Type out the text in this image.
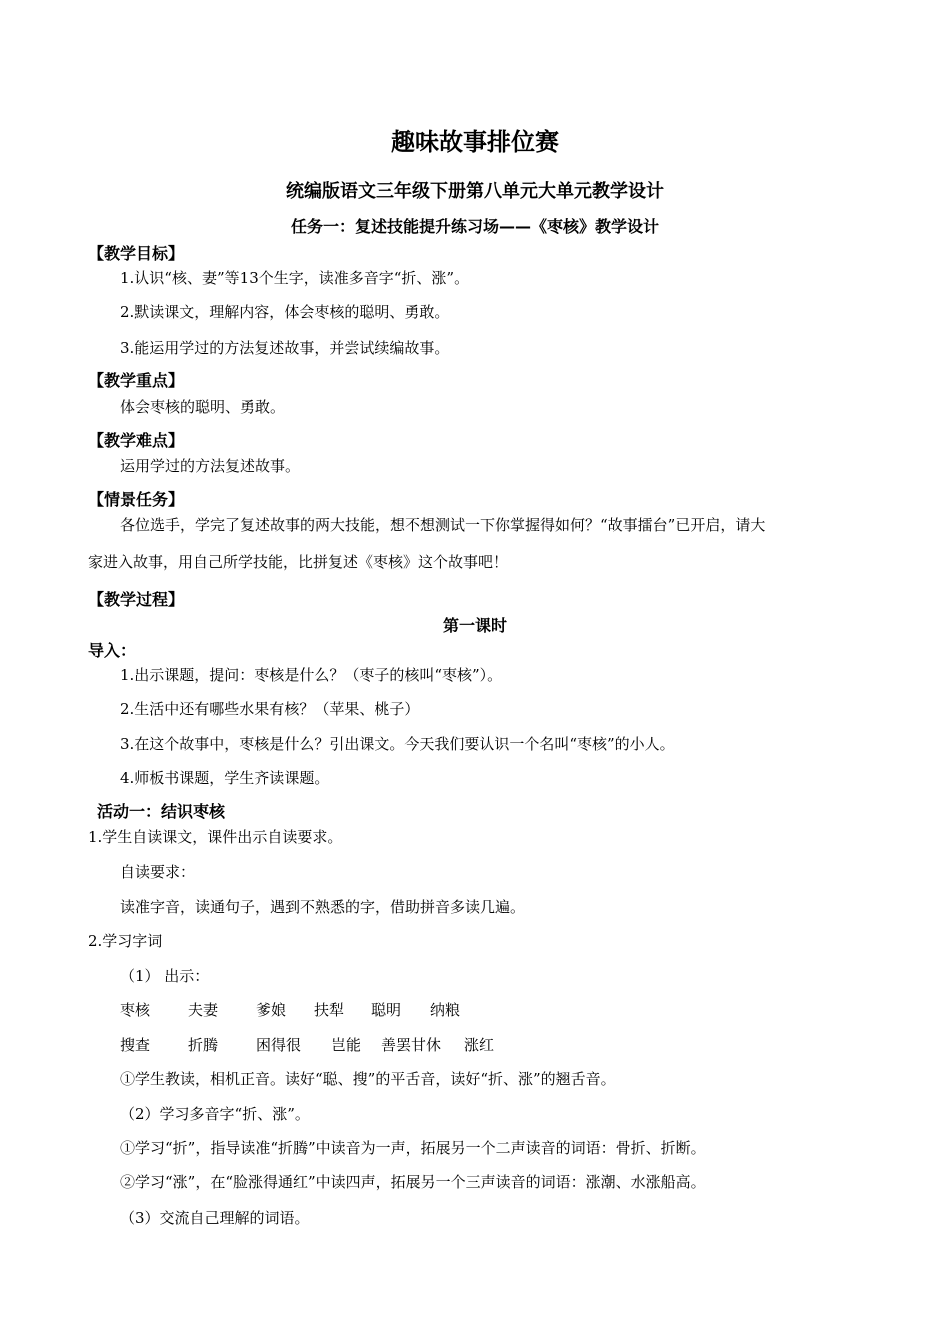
趣味故事排位赛
统编版语文三年级下册第八单元大单元教学设计
任务一：复述技能提升练习场——《枣核》教学设计
【教学目标】
1.认识“核、妻”等13个生字，读准多音字“折、涨”。
2.默读课文，理解内容，体会枣核的聪明、勇敢。
3.能运用学过的方法复述故事，并尝试续编故事。
【教学重点】
体会枣核的聪明、勇敢。
【教学难点】
运用学过的方法复述故事。
【情景任务】
各位选手，学完了复述故事的两大技能，想不想测试一下你掌握得如何？“故事擂台”已开启，请大
家进入故事，用自己所学技能，比拼复述《枣核》这个故事吧！
【教学过程】
第一课时
导入：
1.出示课题，提问：枣核是什么？（枣子的核叫“枣核”）。
2.生活中还有哪些水果有核？（苹果、桃子）
3.在这个故事中，枣核是什么？引出课文。今天我们要认识一个名叫“枣核”的小人。
4.师板书课题，学生齐读课题。
活动一：结识枣核
1.学生自读课文，课件出示自读要求。
自读要求：
读准字音，读通句子，遇到不熟悉的字，借助拼音多读几遍。
2.学习字词
（1） 出示：
枣核	夫妻	爹娘 扶犁 聪明 纳粮
搜查	折腾	困得很 岂能 善罢甘休 涨红
①学生教读，相机正音。读好“聪、搜”的平舌音，读好“折、涨”的翘舌音。
（2）学习多音字“折、涨”。
①学习“折”，指导读准“折腾”中读音为一声，拓展另一个二声读音的词语：骨折、折断。
②学习“涨”，在“脸涨得通红”中读四声，拓展另一个三声读音的词语：涨潮、水涨船高。
（3）交流自己理解的词语。
